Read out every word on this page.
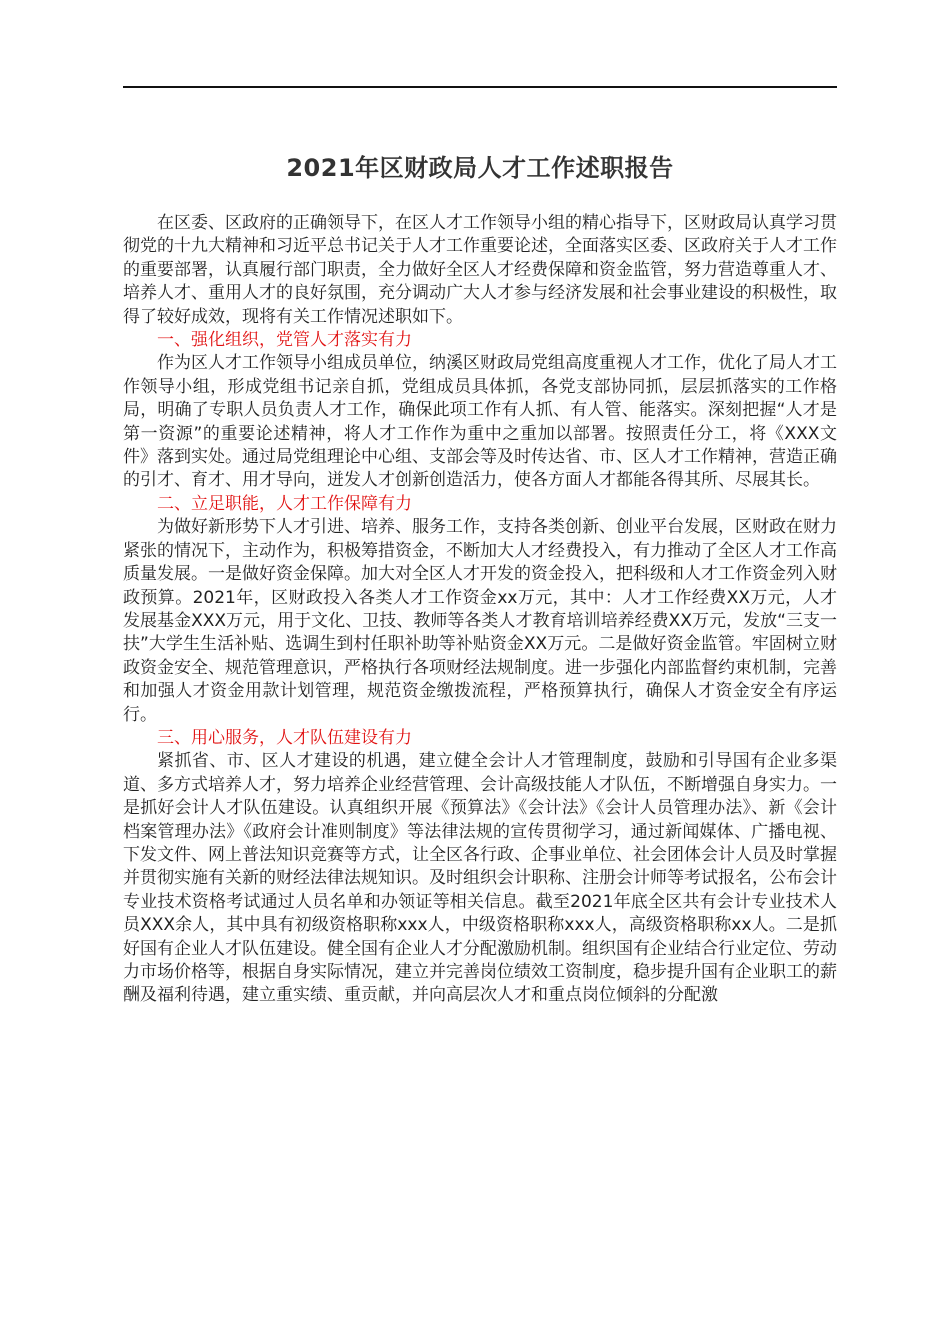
2021年区财政局人才工作述职报告

在区委、区政府的正确领导下，在区人才工作领导小组的精心指导下，区财政局认真学习贯彻党的十九大精神和习近平总书记关于人才工作重要论述，全面落实区委、区政府关于人才工作的重要部署，认真履行部门职责，全力做好全区人才经费保障和资金监管，努力营造尊重人才、培养人才、重用人才的良好氛围，充分调动广大人才参与经济发展和社会事业建设的积极性，取得了较好成效，现将有关工作情况述职如下。

一、强化组织，党管人才落实有力

作为区人才工作领导小组成员单位，纳溪区财政局党组高度重视人才工作，优化了局人才工作领导小组，形成党组书记亲自抓，党组成员具体抓，各党支部协同抓，层层抓落实的工作格局，明确了专职人员负责人才工作，确保此项工作有人抓、有人管、能落实。深刻把握“人才是第一资源”的重要论述精神，将人才工作作为重中之重加以部署。按照责任分工，将《XXX文件》落到实处。通过局党组理论中心组、支部会等及时传达省、市、区人才工作精神，营造正确的引才、育才、用才导向，迸发人才创新创造活力，使各方面人才都能各得其所、尽展其长。

二、立足职能，人才工作保障有力

为做好新形势下人才引进、培养、服务工作，支持各类创新、创业平台发展，区财政在财力紧张的情况下，主动作为，积极筹措资金，不断加大人才经费投入，有力推动了全区人才工作高质量发展。一是做好资金保障。加大对全区人才开发的资金投入，把科级和人才工作资金列入财政预算。2021年，区财政投入各类人才工作资金xx万元，其中：人才工作经费XX万元，人才发展基金XXX万元，用于文化、卫技、教师等各类人才教育培训培养经费XX万元，发放“三支一扶”大学生生活补贴、选调生到村任职补助等补贴资金XX万元。二是做好资金监管。牢固树立财政资金安全、规范管理意识，严格执行各项财经法规制度。进一步强化内部监督约束机制，完善和加强人才资金用款计划管理，规范资金缴拨流程，严格预算执行，确保人才资金安全有序运行。

三、用心服务，人才队伍建设有力

紧抓省、市、区人才建设的机遇，建立健全会计人才管理制度，鼓励和引导国有企业多渠道、多方式培养人才，努力培养企业经营管理、会计高级技能人才队伍，不断增强自身实力。一是抓好会计人才队伍建设。认真组织开展《预算法》《会计法》《会计人员管理办法》、新《会计档案管理办法》《政府会计准则制度》等法律法规的宣传贯彻学习，通过新闻媒体、广播电视、下发文件、网上普法知识竞赛等方式，让全区各行政、企事业单位、社会团体会计人员及时掌握并贯彻实施有关新的财经法律法规知识。及时组织会计职称、注册会计师等考试报名，公布会计专业技术资格考试通过人员名单和办领证等相关信息。截至2021年底全区共有会计专业技术人员XXX余人，其中具有初级资格职称xxx人，中级资格职称xxx人，高级资格职称xx人。二是抓好国有企业人才队伍建设。健全国有企业人才分配激励机制。组织国有企业结合行业定位、劳动力市场价格等，根据自身实际情况，建立并完善岗位绩效工资制度，稳步提升国有企业职工的薪酬及福利待遇，建立重实绩、重贡献，并向高层次人才和重点岗位倾斜的分配激
